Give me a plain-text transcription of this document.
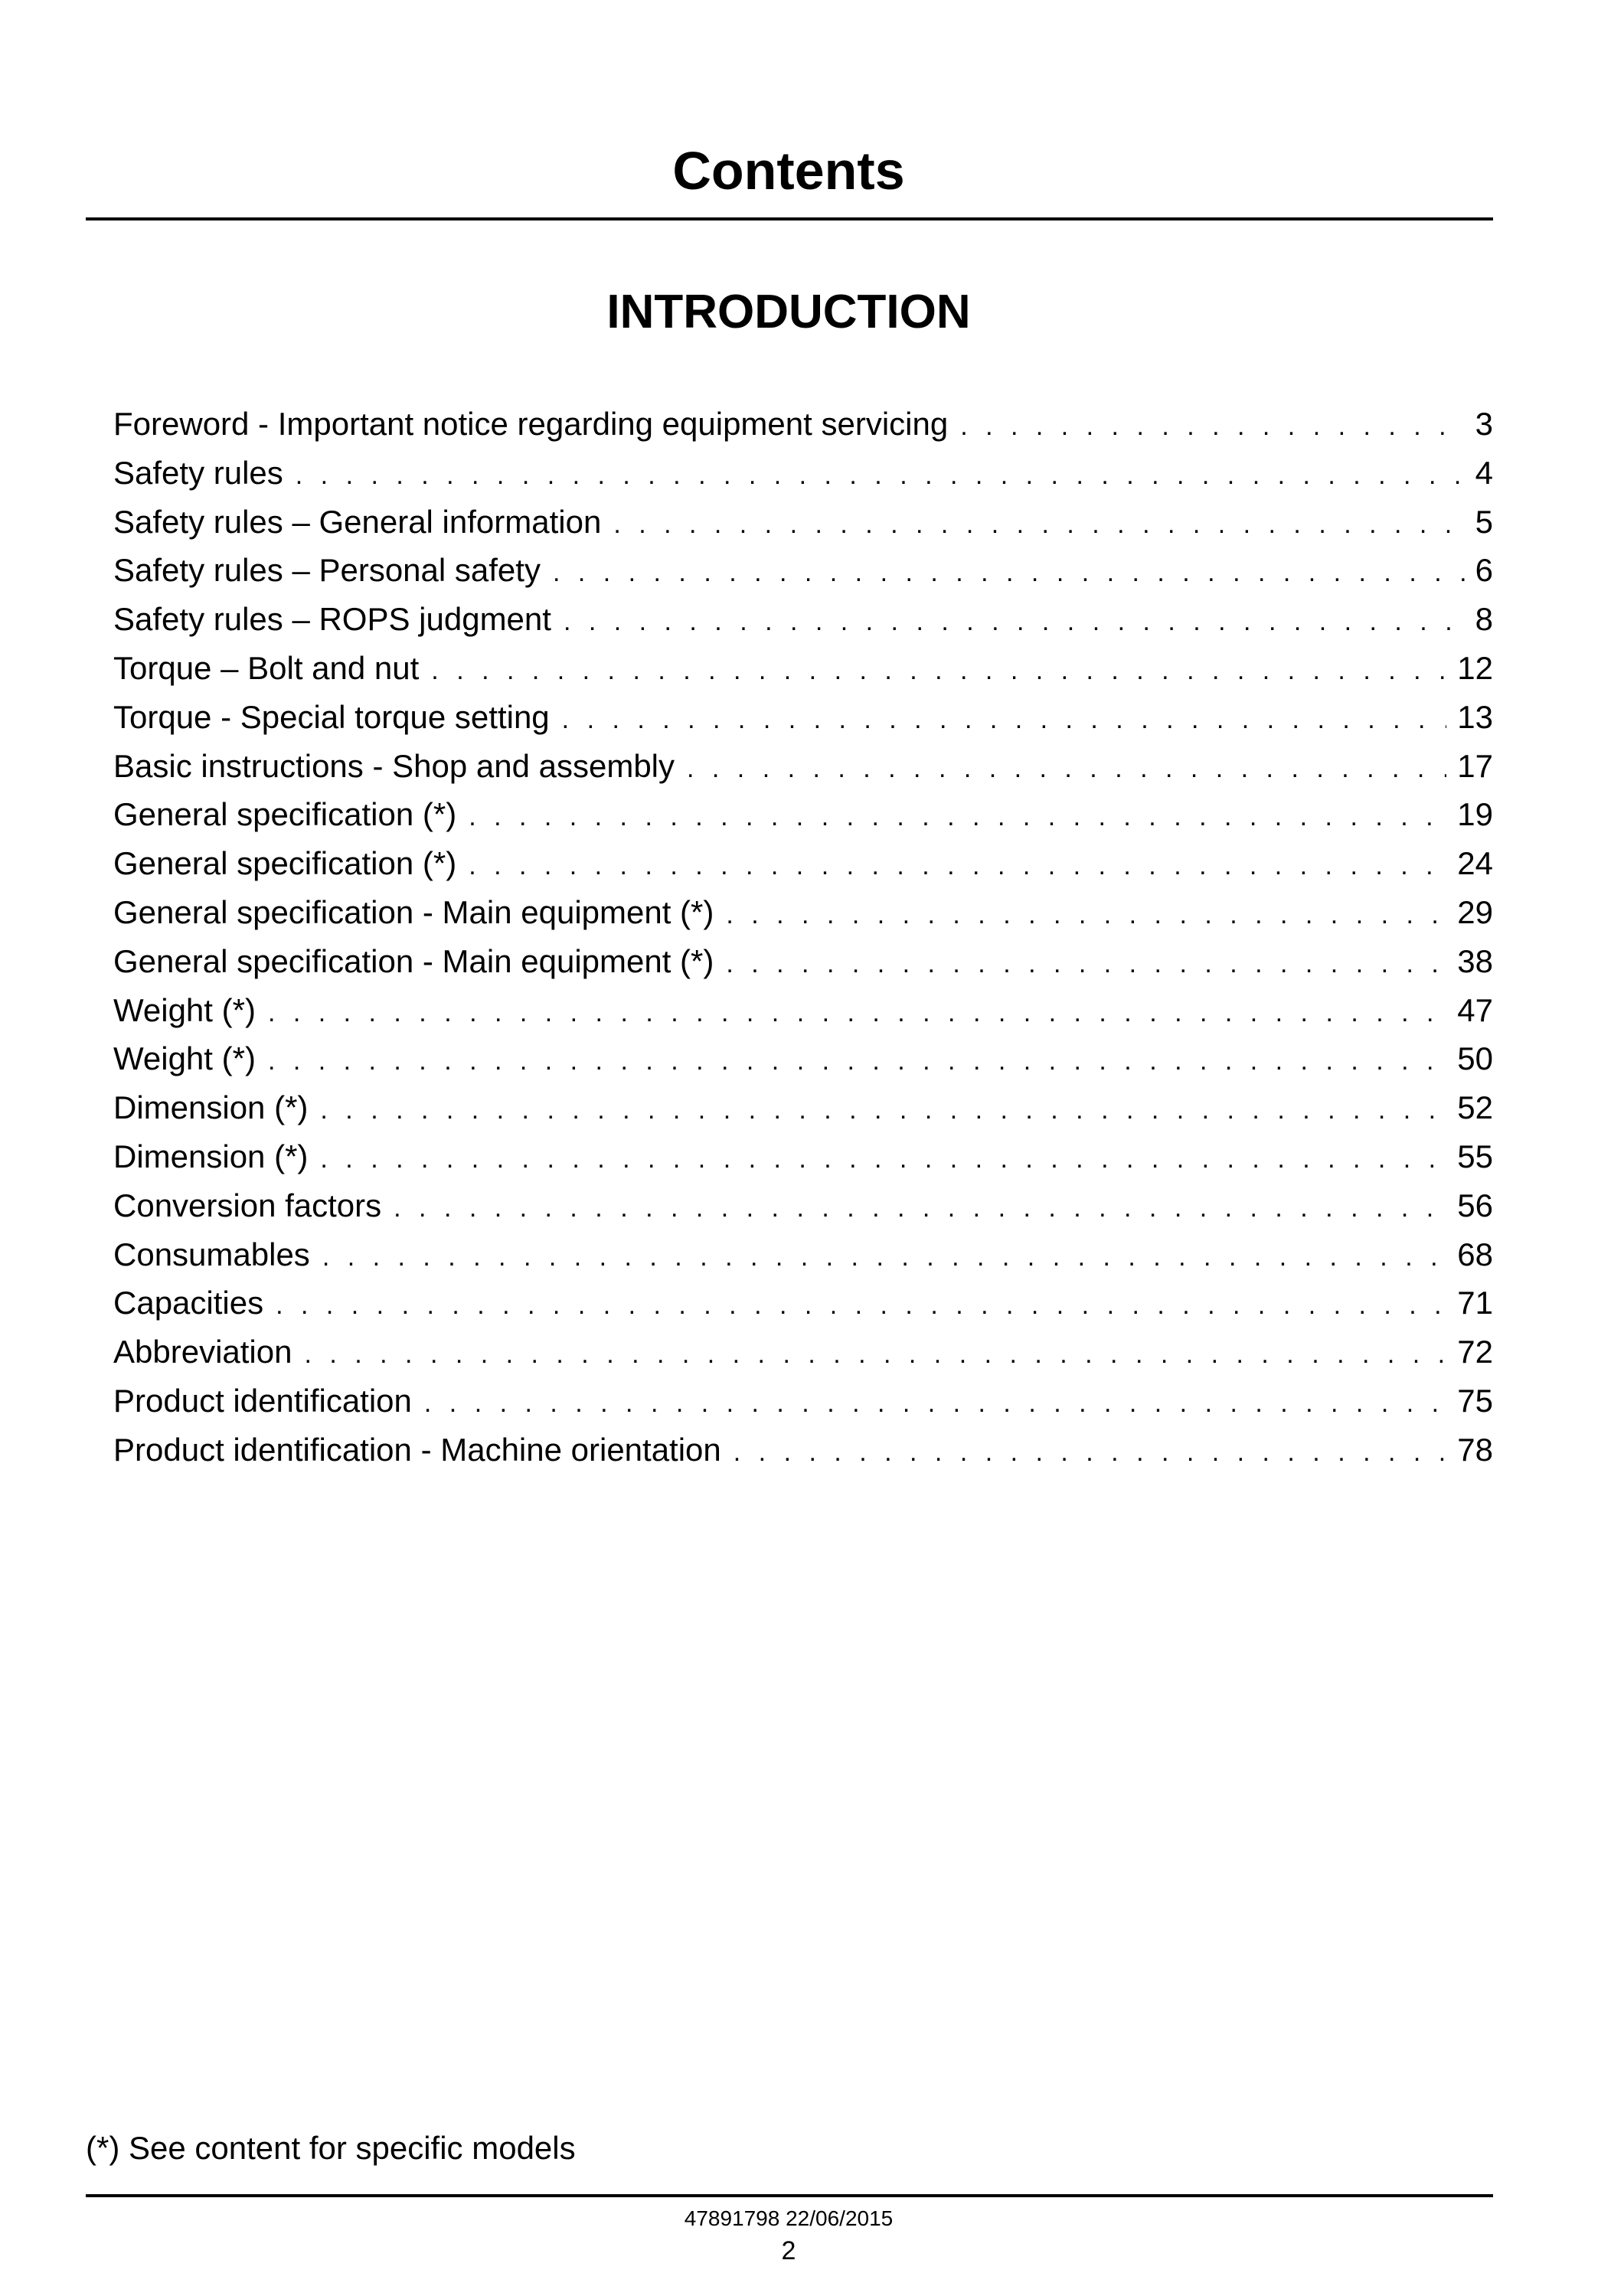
Contents
INTRODUCTION
Foreword - Important notice regarding equipment servicing . . .	3
Safety rules . . .	4
Safety rules – General information . . .	5
Safety rules – Personal safety . . .	6
Safety rules – ROPS judgment . . .	8
Torque – Bolt and nut . . .	12
Torque - Special torque setting . . .	13
Basic instructions - Shop and assembly . . .	17
General specification (*) . . .	19
General specification (*) . . .	24
General specification - Main equipment (*) . . .	29
General specification - Main equipment (*) . . .	38
Weight (*) . . .	47
Weight (*) . . .	50
Dimension (*) . . .	52
Dimension (*) . . .	55
Conversion factors . . .	56
Consumables . . .	68
Capacities . . .	71
Abbreviation . . .	72
Product identification . . .	75
Product identification - Machine orientation . . .	78
(*) See content for specific models
47891798 22/06/2015
2
